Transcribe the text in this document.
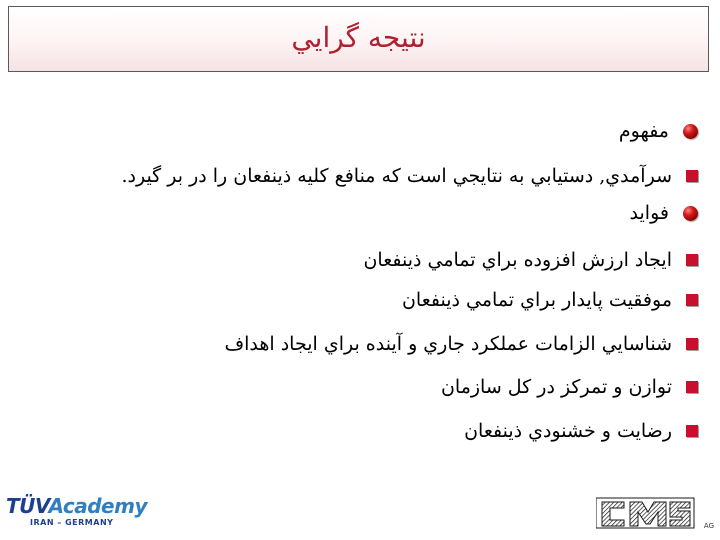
نتيجه گرايي
مفهوم
سرآمدي, دستيابي به نتايجي است كه منافع كليه ذينفعان را در بر گيرد.
فوايد
ايجاد ارزش افزوده براي تمامي ذينفعان
موفقيت پايدار براي تمامي ذينفعان
شناسايي الزامات عملكرد جاري و آينده براي ايجاد اهداف
توازن و تمركز در كل سازمان
رضايت و خشنودي ذينفعان
TÜVAcademy
IRAN – GERMANY	AG
